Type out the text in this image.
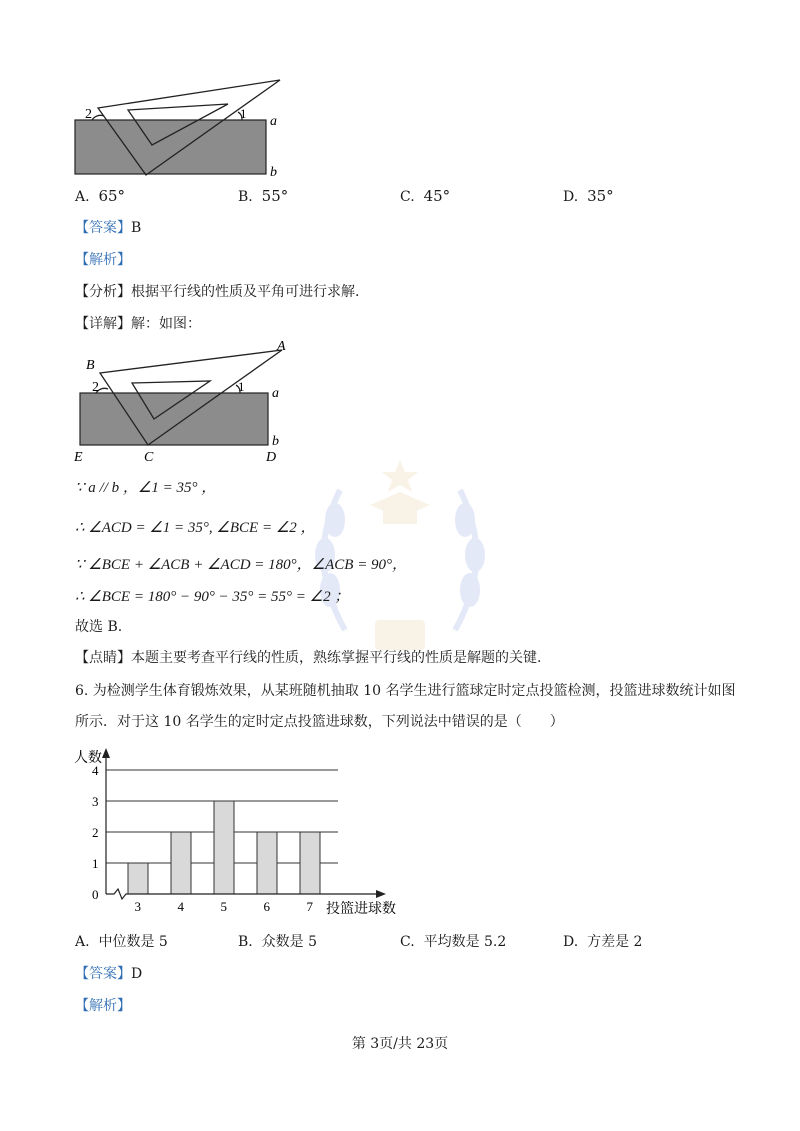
2	1
a
b
A. 65°	B. 55°	C. 45°	D. 35°
【答案】B
【解析】
【分析】根据平行线的性质及平角可进行求解.
【详解】解：如图：
A
B
2	1 a
b
E	C	D
∵ a // b ，∠1 = 35° ，
∴ ∠ACD = ∠1 = 35°, ∠BCE = ∠2 ，
∵ ∠BCE + ∠ACB + ∠ACD = 180°，∠ACB = 90°，
∴ ∠BCE = 180° − 90° − 35° = 55° = ∠2 ；
故选 B.
【点睛】本题主要考查平行线的性质，熟练掌握平行线的性质是解题的关键.
6. 为检测学生体育锻炼效果，从某班随机抽取 10 名学生进行篮球定时定点投篮检测，投篮进球数统计如图
所示．对于这 10 名学生的定时定点投篮进球数，下列说法中错误的是（　　）
人数
投篮进球数
0
1
2
3
4
3	4	5	6	7
A. 中位数是 5	B. 众数是 5	C. 平均数是 5.2	D. 方差是 2
【答案】D
【解析】
第 3页/共 23页
